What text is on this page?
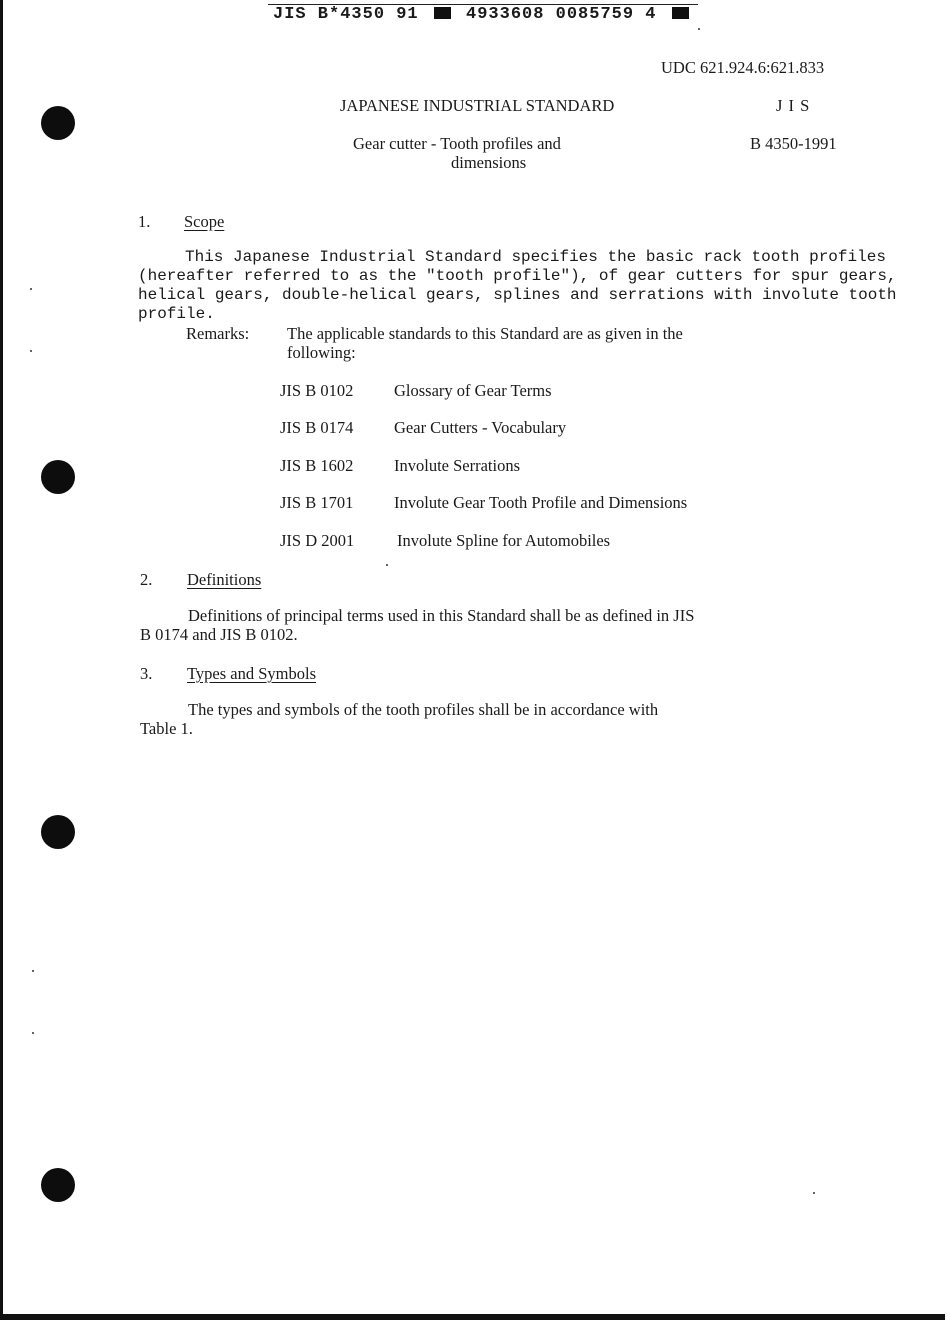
JIS B*4350 91	4933608 0085759 4
UDC 621.924.6:621.833
JAPANESE INDUSTRIAL STANDARD	J I S
Gear cutter - Tooth profiles and
dimensions
B 4350-1991
1. Scope
This Japanese Industrial Standard specifies the basic rack tooth profiles
(hereafter referred to as the "tooth profile"), of gear cutters for spur gears,
helical gears, double-helical gears, splines and serrations with involute tooth profile.
Remarks: The applicable standards to this Standard are as given in the
following:
JIS B 0102 Glossary of Gear Terms
JIS B 0174 Gear Cutters - Vocabulary
JIS B 1602 Involute Serrations
JIS B 1701 Involute Gear Tooth Profile and Dimensions
JIS D 2001	Involute Spline for Automobiles
2. Definitions
Definitions of principal terms used in this Standard shall be as defined in JIS
B 0174 and JIS B 0102.
3. Types and Symbols
The types and symbols of the tooth profiles shall be in accordance with
Table 1.
